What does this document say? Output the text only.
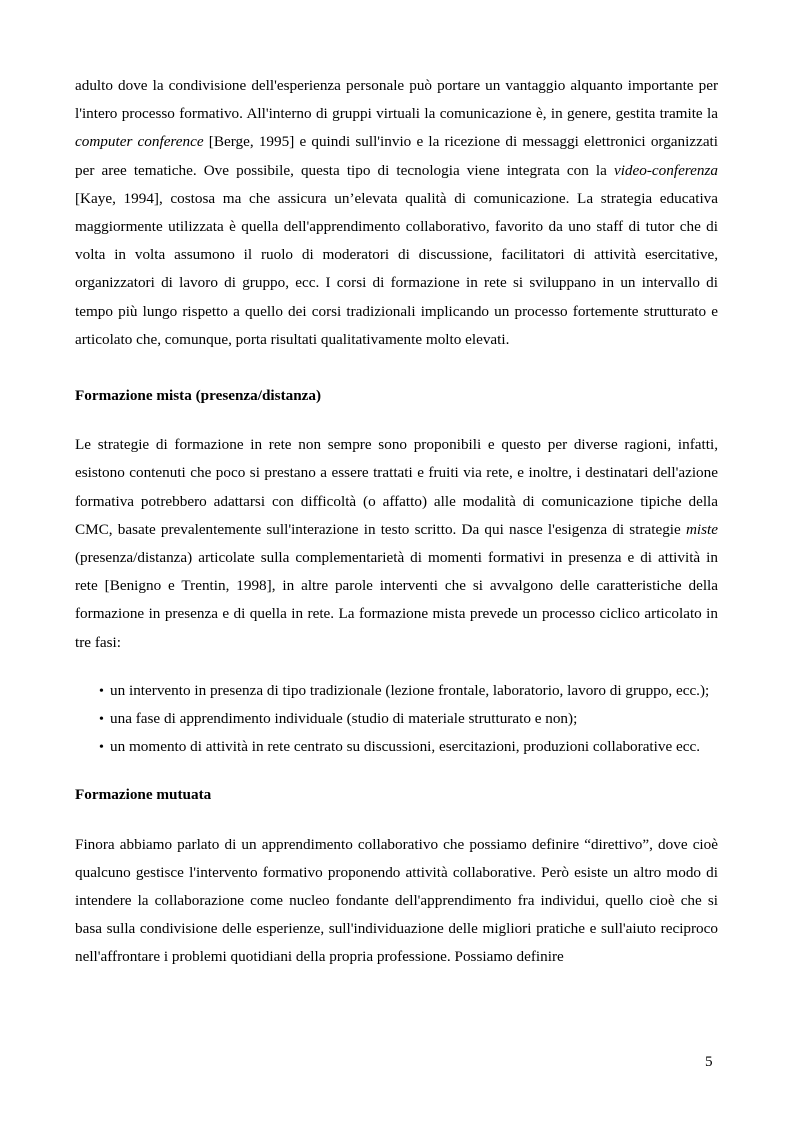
adulto dove la condivisione dell'esperienza personale può portare un vantaggio alquanto importante per l'intero processo formativo. All'interno di gruppi virtuali la comunicazione è, in genere, gestita tramite la computer conference [Berge, 1995] e quindi sull'invio e la ricezione di messaggi elettronici organizzati per aree tematiche. Ove possibile, questa tipo di tecnologia viene integrata con la video-conferenza [Kaye, 1994], costosa ma che assicura un’elevata qualità di comunicazione. La strategia educativa maggiormente utilizzata è quella dell'apprendimento collaborativo, favorito da uno staff di tutor che di volta in volta assumono il ruolo di moderatori di discussione, facilitatori di attività esercitative, organizzatori di lavoro di gruppo, ecc. I corsi di formazione in rete si sviluppano in un intervallo di tempo più lungo rispetto a quello dei corsi tradizionali implicando un processo fortemente strutturato e articolato che, comunque, porta risultati qualitativamente molto elevati.

Formazione mista (presenza/distanza)

Le strategie di formazione in rete non sempre sono proponibili e questo per diverse ragioni, infatti, esistono contenuti che poco si prestano a essere trattati e fruiti via rete, e inoltre, i destinatari dell'azione formativa potrebbero adattarsi con difficoltà (o affatto) alle modalità di comunicazione tipiche della CMC, basate prevalentemente sull'interazione in testo scritto. Da qui nasce l'esigenza di strategie miste (presenza/distanza) articolate sulla complementarietà di momenti formativi in presenza e di attività in rete [Benigno e Trentin, 1998], in altre parole interventi che si avvalgono delle caratteristiche della formazione in presenza e di quella in rete. La formazione mista prevede un processo ciclico articolato in tre fasi:

•
un intervento in presenza di tipo tradizionale (lezione frontale, laboratorio, lavoro di gruppo, ecc.);
•
una fase di apprendimento individuale (studio di materiale strutturato e non);
•
un momento di attività in rete centrato su discussioni, esercitazioni, produzioni collaborative ecc.

Formazione mutuata

Finora abbiamo parlato di un apprendimento collaborativo che possiamo definire “direttivo”, dove cioè qualcuno gestisce l'intervento formativo proponendo attività collaborative. Però esiste un altro modo di intendere la collaborazione come nucleo fondante dell'apprendimento fra individui, quello cioè che si basa sulla condivisione delle esperienze, sull'individuazione delle migliori pratiche e sull'aiuto reciproco nell'affrontare i problemi quotidiani della propria professione. Possiamo definire

5
